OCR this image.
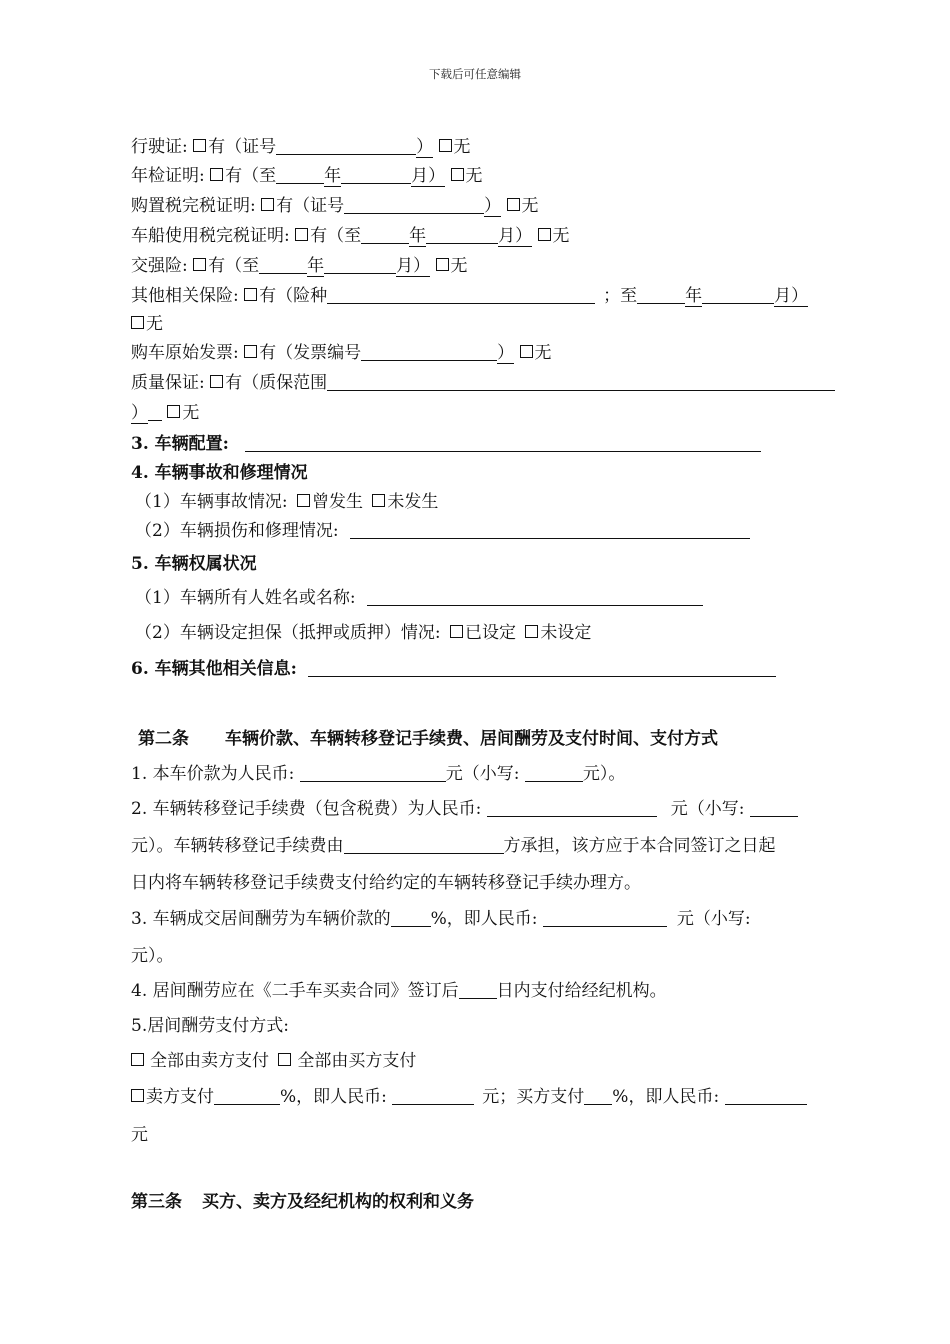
下载后可任意编辑
行驶证: 有（证号	） 无
年检证明: 有（至	年	月） 无
购置税完税证明: 有（证号	） 无
车船使用税完税证明: 有（至	年	月） 无
交强险: 有（至	年	月） 无
其他相关保险: 有（险种	；至	年	月）
无
购车原始发票: 有（发票编号	） 无
质量保证: 有（质保范围
） 无
3. 车辆配置:
4. 车辆事故和修理情况
（1）车辆事故情况: 曾发生 未发生
（2）车辆损伤和修理情况:
5. 车辆权属状况
（1）车辆所有人姓名或名称:
（2）车辆设定担保（抵押或质押）情况: 已设定 未设定
6. 车辆其他相关信息:
第二条 车辆价款、车辆转移登记手续费、居间酬劳及支付时间、支付方式
1. 本车价款为人民币:	元（小写:	元）。
2. 车辆转移登记手续费（包含税费）为人民币:	元（小写:
元）。车辆转移登记手续费由	方承担，该方应于本合同签订之日起
日内将车辆转移登记手续费支付给约定的车辆转移登记手续办理方。
3. 车辆成交居间酬劳为车辆价款的 %，即人民币:	元（小写:
元）。
4. 居间酬劳应在《二手车买卖合同》签订后 日内支付给经纪机构。
5.居间酬劳支付方式:
全部由卖方支付 全部由买方支付
卖方支付	%，即人民币:	元；买方支付 %，即人民币:
元
第三条 买方、卖方及经纪机构的权利和义务
